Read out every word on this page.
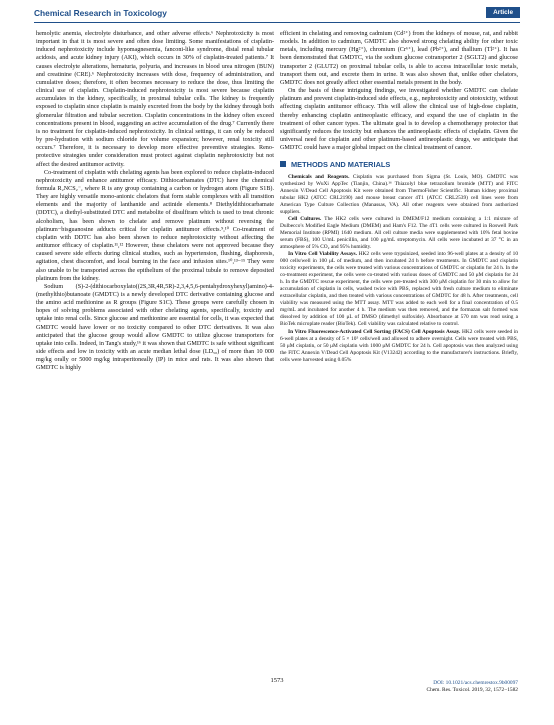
Chemical Research in Toxicology	Article

hemolytic anemia, electrolyte disturbance, and other adverse effects.⁶ Nephrotoxicity is most important in that it is most severe and often dose limiting. Some manifestations of cisplatin-induced nephrotoxicity include hypomagnesemia, fanconi-like syndrome, distal renal tubular acidosis, and acute kidney injury (AKI), which occurs in 30% of cisplatin-treated patients.⁷ It causes electrolyte alterations, hematuria, polyuria, and increases in blood urea nitrogen (BUN) and creatinine (CRE).⁶ Nephrotoxicity increases with dose, frequency of administration, and cumulative doses; therefore, it often becomes necessary to reduce the dose, thus limiting the clinical use of cisplatin. Cisplatin-induced nephrotoxicity is most severe because cisplatin accumulates in the kidney, specifically, in proximal tubular cells. The kidney is frequently exposed to cisplatin since cisplatin is mainly excreted from the body by the kidney through both glomerular filtration and tubular secretion. Cisplatin concentrations in the kidney often exceed concentrations present in blood, suggesting an active accumulation of the drug.⁷ Currently there is no treatment for cisplatin-induced nephrotoxicity. In clinical settings, it can only be reduced by pre-hydration with sodium chloride for volume expansion; however, renal toxicity still occurs.⁷ Therefore, it is necessary to develop more effective preventive strategies. Reno-protective strategies under consideration must protect against cisplatin nephrotoxicity but not affect the desired antitumor activity.

Co-treatment of cisplatin with chelating agents has been explored to reduce cisplatin-induced nephrotoxicity and enhance antitumor efficacy. Dithiocarbamates (DTC) have the chemical formula R₂NCS₂⁻, where R is any group containing a carbon or hydrogen atom (Figure S1B). They are highly versatile mono-anionic chelators that form stable complexes with all transition elements and the majority of lanthanide and actinide elements.⁸ Diethyldithiocarbamate (DDTC), a diethyl-substituted DTC and metabolite of disulfiram which is used to treat chronic alcoholism, has been shown to chelate and remove platinum without reversing the platinum−bisguanosine adducts critical for cisplatin antitumor effects.⁹,¹⁰ Co-treatment of cisplatin with DDTC has also been shown to reduce nephrotoxicity without affecting the antitumor efficacy of cisplatin.¹¹,¹² However, these chelators were not approved because they caused severe side effects during clinical studies, such as hypertension, flushing, diaphoresis, agitation, chest discomfort, and local burning in the face and infusion sites.¹⁰,¹³−¹⁵ They were also unable to be transported across the epithelium of the proximal tubule to remove deposited platinum from the kidney.

Sodium (S)-2-(dithiocarboxylato((2S,3R,4R,5R)-2,3,4,5,6-pentahydroxyhexyl)amino)-4-(methylthio)butanoate (GMDTC) is a newly developed DTC derivative containing glucose and the amino acid methionine as R groups (Figure S1C). These groups were carefully chosen in hopes of solving problems associated with other chelating agents, specifically, toxicity and uptake into renal cells. Since glucose and methionine are essential for cells, it was expected that GMDTC would have lower or no toxicity compared to other DTC derivatives. It was also anticipated that the glucose group would allow GMDTC to utilize glucose transporters for uptake into cells. Indeed, in Tang's study,¹⁶ it was shown that GMDTC is safe without significant side effects and low in toxicity with an acute median lethal dose (LD₅₀) of more than 10 000 mg/kg orally or 5000 mg/kg intraperitoneally (IP) in mice and rats. It was also shown that GMDTC is highly

efficient in chelating and removing cadmium (Cd²⁺) from the kidneys of mouse, rat, and rabbit models. In addition to cadmium, GMDTC also showed strong chelating ability for other toxic metals, including mercury (Hg²⁺), chromium (Cr⁶⁺), lead (Pb²⁺), and thallium (Tl²⁺). It has been demonstrated that GMDTC, via the sodium glucose cotransporter 2 (SGLT2) and glucose transporter 2 (GLUT2) on proximal tubular cells, is able to access intracellular toxic metals, transport them out, and excrete them in urine. It was also shown that, unlike other chelators, GMDTC does not greatly affect other essential metals present in the body.

On the basis of these intriguing findings, we investigated whether GMDTC can chelate platinum and prevent cisplatin-induced side effects, e.g., nephrotoxicity and ototoxicity, without affecting cisplatin antitumor efficacy. This will allow the clinical use of high-dose cisplatin, thereby enhancing cisplatin antineoplastic efficacy, and expand the use of cisplatin in the treatment of other cancer types. The ultimate goal is to develop a chemotherapy protector that significantly reduces the toxicity but enhances the antineoplastic effects of cisplatin. Given the universal need for cisplatin and other platinum-based antineoplastic drugs, we anticipate that GMDTC could have a major global impact on the clinical treatment of cancer.

METHODS AND MATERIALS

Chemicals and Reagents. Cisplatin was purchased from Sigma (St. Louis, MO). GMDTC was synthesized by WuXi AppTec (Tianjin, China).¹⁶ Thiazolyl blue tetrazolium bromide (MTT) and FITC Annexin V/Dead Cell Apoptosis Kit were obtained from ThermoFisher Scientific. Human kidney proximal tubular HK2 (ATCC CRL2190) and mouse breast cancer 4T1 (ATCC CRL2539) cell lines were from American Type Culture Collection (Manassas, VA). All other reagents were obtained from authorized suppliers.

Cell Cultures. The HK2 cells were cultured in DMEM/F12 medium containing a 1:1 mixture of Dulbecco's Modified Eagle Medium (DMEM) and Ham's F12. The 4T1 cells were cultured in Roswell Park Memorial Institute (RPMI) 1640 medium. All cell culture media were supplemented with 10% fetal bovine serum (FBS), 100 U/mL penicillin, and 100 μg/mL streptomycin. All cells were incubated at 37 °C in an atmosphere of 5% CO₂ and 95% humidity.

In Vitro Cell Viability Assays. HK2 cells were trypsinized, seeded into 96-well plates at a density of 10 000 cells/well in 100 μL of medium, and then incubated 24 h before treatments. In GMDTC and cisplatin toxicity experiments, the cells were treated with various concentrations of GMDTC or cisplatin for 24 h. In the co-treatment experiment, the cells were co-treated with various doses of GMDTC and 50 μM cisplatin for 24 h. In the GMDTC rescue experiment, the cells were pre-treated with 300 μM cisplatin for 30 min to allow for accumulation of cisplatin in cells, washed twice with PBS, replaced with fresh culture medium to eliminate extracellular cisplatin, and then treated with various concentrations of GMDTC for 48 h. After treatments, cell viability was measured using the MTT assay. MTT was added to each well for a final concentration of 0.5 mg/mL and incubated for another 4 h. The medium was then removed, and the formazan salt formed was dissolved by addition of 100 μL of DMSO (dimethyl sulfoxide). Absorbance at 570 nm was read using a BioTek microplate reader (BioTek). Cell viability was calculated relative to control.

In Vitro Fluorescence-Activated Cell Sorting (FACS) Cell Apoptosis Assay. HK2 cells were seeded in 6-well plates at a density of 5 × 10⁵ cells/well and allowed to adhere overnight. Cells were treated with PBS, 50 μM cisplatin, or 50 μM cisplatin with 1000 μM GMDTC for 24 h. Cell apoptosis was then analyzed using the FITC Annexin V/Dead Cell Apoptosis Kit (V13242) according to the manufacturer's instructions. Briefly, cells were harvested using 0.05%

1573	DOI: 10.1021/acs.chemrestox.9b00097
Chem. Res. Toxicol. 2019, 32, 1572−1582
